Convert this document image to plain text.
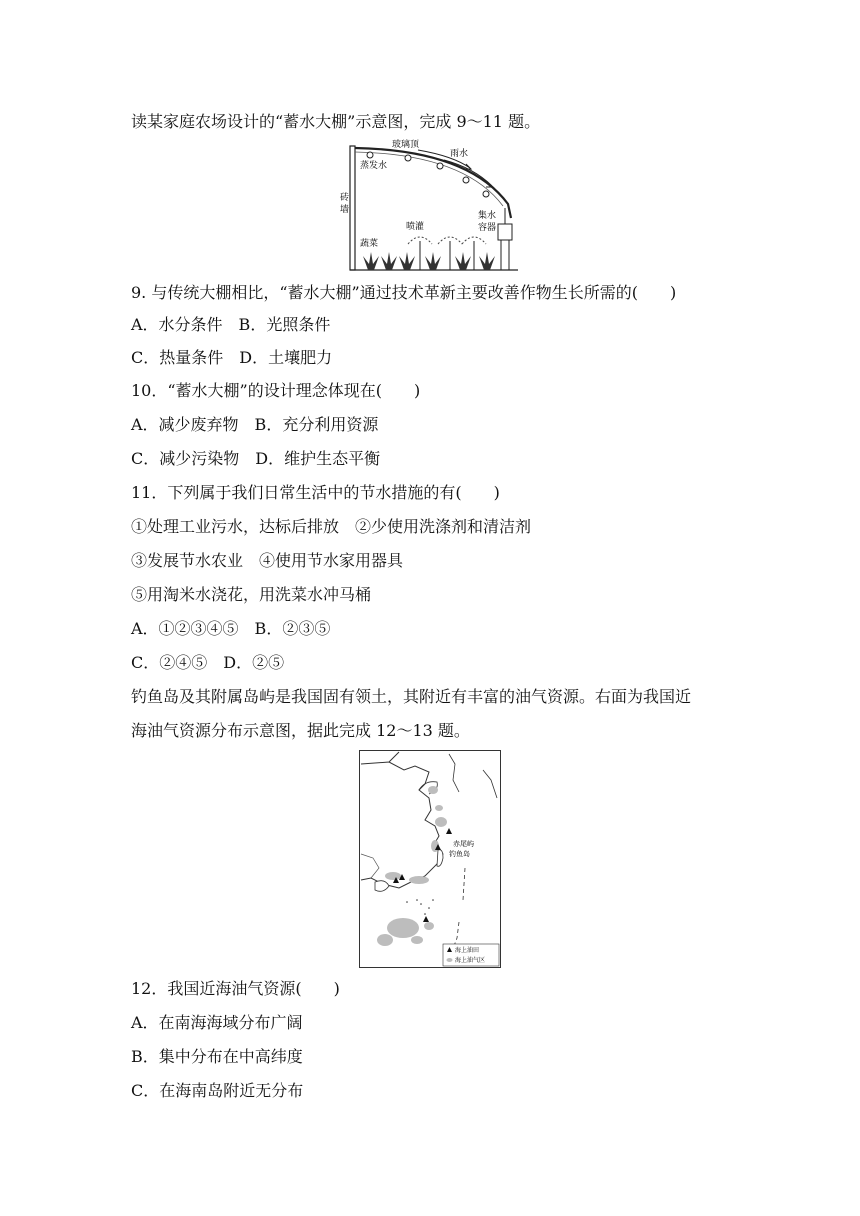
读某家庭农场设计的“蓄水大棚”示意图，完成 9～11 题。
玻璃顶
雨水
蒸发水
砖
墙
喷灌
集水
容器
蔬菜
9. 与传统大棚相比，“蓄水大棚”通过技术革新主要改善作物生长所需的(　　)
A．水分条件　B．光照条件
C．热量条件　D．土壤肥力
10．“蓄水大棚”的设计理念体现在(　　)
A．减少废弃物　B．充分利用资源
C．减少污染物　D．维护生态平衡
11．下列属于我们日常生活中的节水措施的有(　　)
①处理工业污水，达标后排放　②少使用洗涤剂和清洁剂
③发展节水农业　④使用节水家用器具
⑤用淘米水浇花，用洗菜水冲马桶
A．①②③④⑤　B．②③⑤
C．②④⑤　D．②⑤
钓鱼岛及其附属岛屿是我国固有领土，其附近有丰富的油气资源。右面为我国近
海油气资源分布示意图，据此完成 12～13 题。
赤尾屿
钓鱼岛
海上油田
海上油气区
12．我国近海油气资源(　　)
A．在南海海域分布广阔
B．集中分布在中高纬度
C．在海南岛附近无分布
